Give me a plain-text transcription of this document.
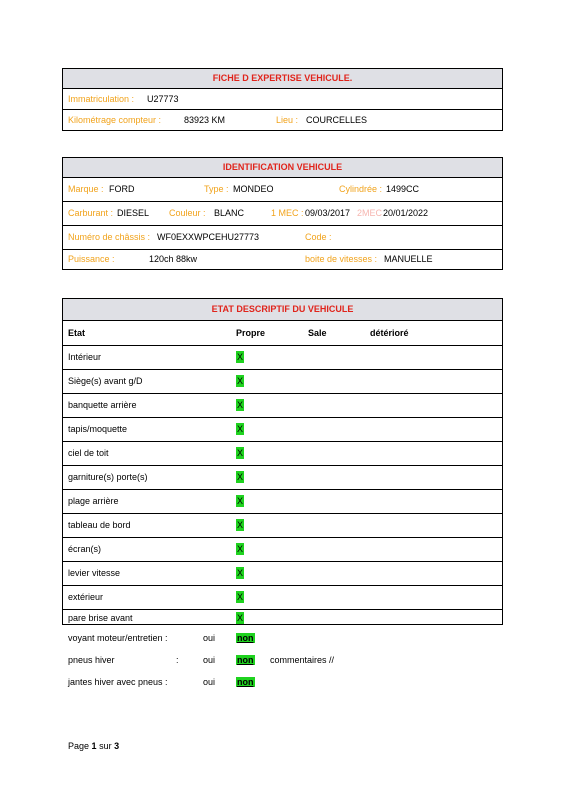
FICHE D EXPERTISE VEHICULE.
Immatriculation : U27773
Kilométrage compteur :	83923 KM	Lieu : COURCELLES
IDENTIFICATION VEHICULE
Marque : FORD	Type : MONDEO	Cylindrée : 1499CC
Carburant : DIESEL Couleur : BLANC	1 MEC : 09/03/2017 2MEC 20/01/2022
Numéro de châssis : WF0EXXWPCEHU27773	Code :
Puissance :	120ch 88kw	boite de vitesses : MANUELLE
ETAT DESCRIPTIF DU VEHICULE
Etat	Propre	Sale	détérioré
Intérieur	X
Siège(s) avant g/D	X
banquette arrière	X
tapis/moquette	X
ciel de toit	X
garniture(s) porte(s)	X
plage arrière	X
tableau de bord	X
écran(s)	X
levier vitesse	X
extérieur	X
pare brise avant	X
voyant moteur/entretien :	oui non
pneus hiver	:	oui non commentaires //
jantes hiver avec pneus :	oui non
Page 1 sur 3
